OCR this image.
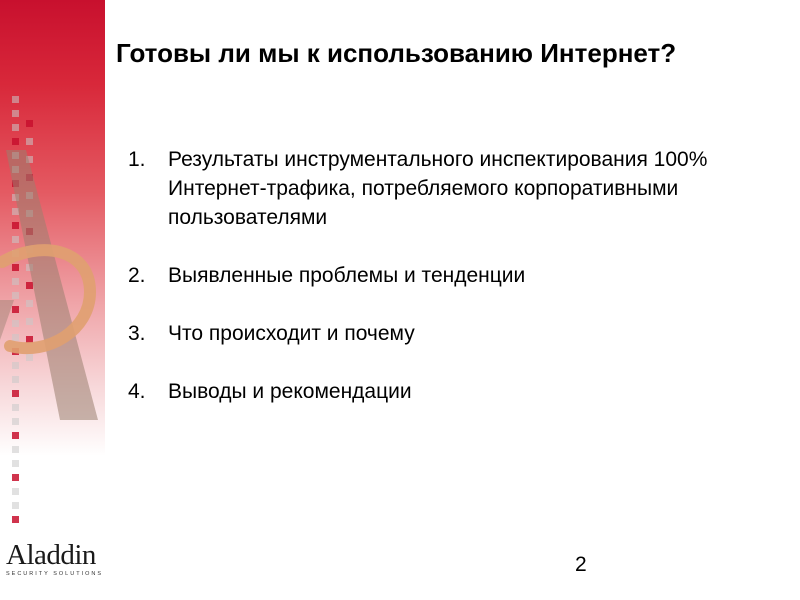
Готовы ли мы к использованию Интернет?
1. Результаты инструментального инспектирования 100% Интернет-трафика, потребляемого корпоративными пользователями
2. Выявленные проблемы и тенденции
3. Что происходит и почему
4. Выводы и рекомендации
Aladdin
SECURITY SOLUTIONS	2
